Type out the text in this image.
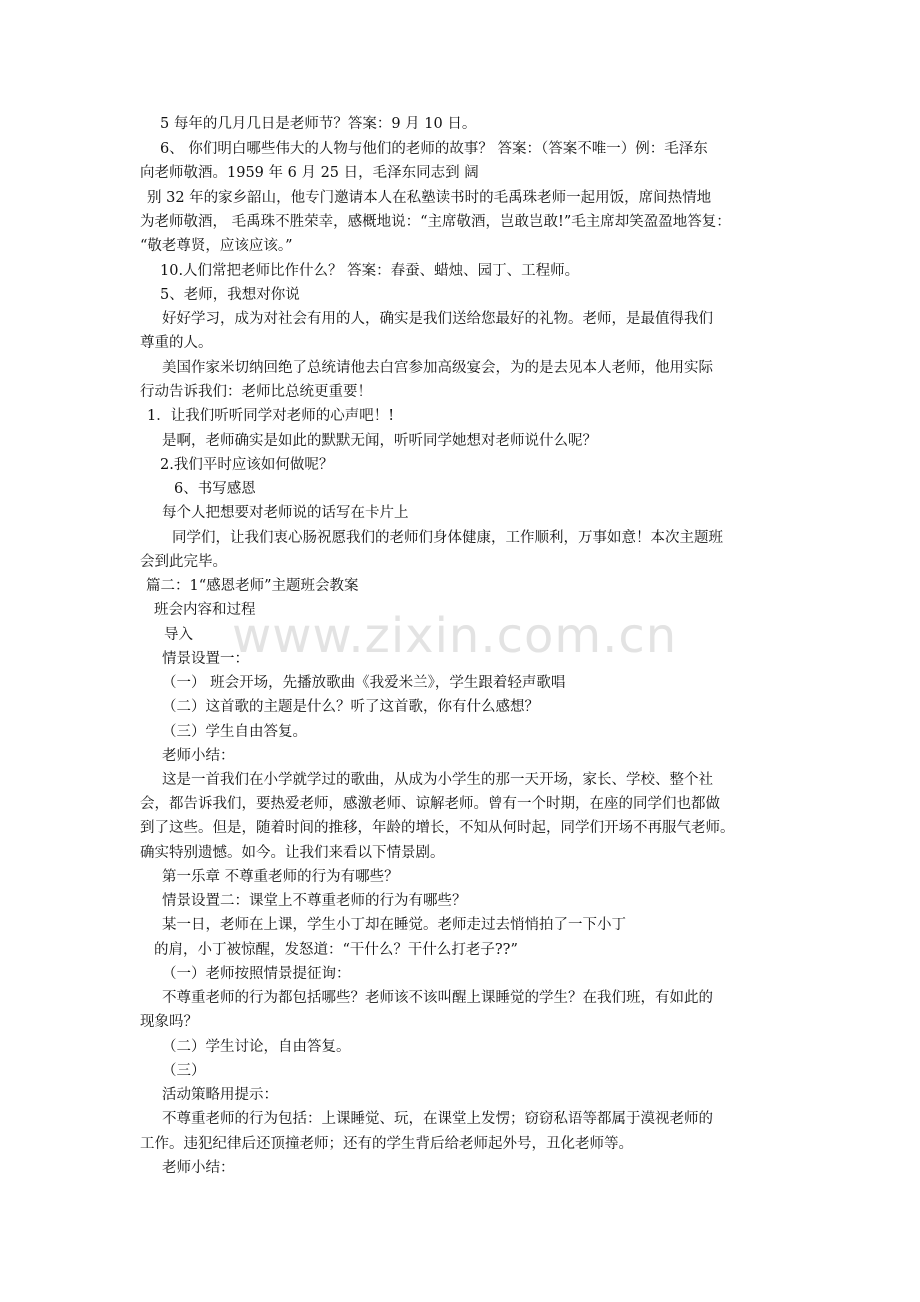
www.zixin.com.cn
5 每年的几月几日是老师节？答案：9 月 10 日。
6、 你们明白哪些伟大的人物与他们的老师的故事？ 答案：（答案不唯一）例：毛泽东
向老师敬酒。1959 年 6 月 25 日，毛泽东同志到 阔
别 32 年的家乡韶山，他专门邀请本人在私塾读书时的毛禹珠老师一起用饭，席间热情地
为老师敬酒， 毛禹珠不胜荣幸，感概地说：“主席敬酒，岂敢岂敢!”毛主席却笑盈盈地答复：
“敬老尊贤，应该应该。”
10.人们常把老师比作什么？ 答案：春蚕、蜡烛、园丁、工程师。
5、老师，我想对你说
好好学习，成为对社会有用的人，确实是我们送给您最好的礼物。老师，是最值得我们
尊重的人。
美国作家米切纳回绝了总统请他去白宫参加高级宴会，为的是去见本人老师，他用实际
行动告诉我们：老师比总统更重要！
1．让我们听听同学对老师的心声吧！!
是啊，老师确实是如此的默默无闻，听听同学她想对老师说什么呢？
2.我们平时应该如何做呢？
6、书写感恩
每个人把想要对老师说的话写在卡片上
同学们，让我们衷心肠祝愿我们的老师们身体健康，工作顺利，万事如意！本次主题班
会到此完毕。
篇二：1“感恩老师”主题班会教案
班会内容和过程
导入
情景设置一：
（一） 班会开场，先播放歌曲《我爱米兰》，学生跟着轻声歌唱
（二）这首歌的主题是什么？听了这首歌，你有什么感想？
（三）学生自由答复。
老师小结：
这是一首我们在小学就学过的歌曲，从成为小学生的那一天开场，家长、学校、整个社
会，都告诉我们，要热爱老师，感激老师、谅解老师。曾有一个时期，在座的同学们也都做
到了这些。但是，随着时间的推移，年龄的增长，不知从何时起，同学们开场不再服气老师。
确实特别遗憾。如今。让我们来看以下情景剧。
第一乐章 不尊重老师的行为有哪些？
情景设置二：课堂上不尊重老师的行为有哪些？
某一日，老师在上课，学生小丁却在睡觉。老师走过去悄悄拍了一下小丁
的肩，小丁被惊醒，发怒道：“干什么？干什么打老子??”
（一）老师按照情景提征询：
不尊重老师的行为都包括哪些？老师该不该叫醒上课睡觉的学生？在我们班，有如此的
现象吗？
（二）学生讨论，自由答复。
（三）
活动策略用提示：
不尊重老师的行为包括：上课睡觉、玩，在课堂上发愣；窃窃私语等都属于漠视老师的
工作。违犯纪律后还顶撞老师；还有的学生背后给老师起外号，丑化老师等。
老师小结：
